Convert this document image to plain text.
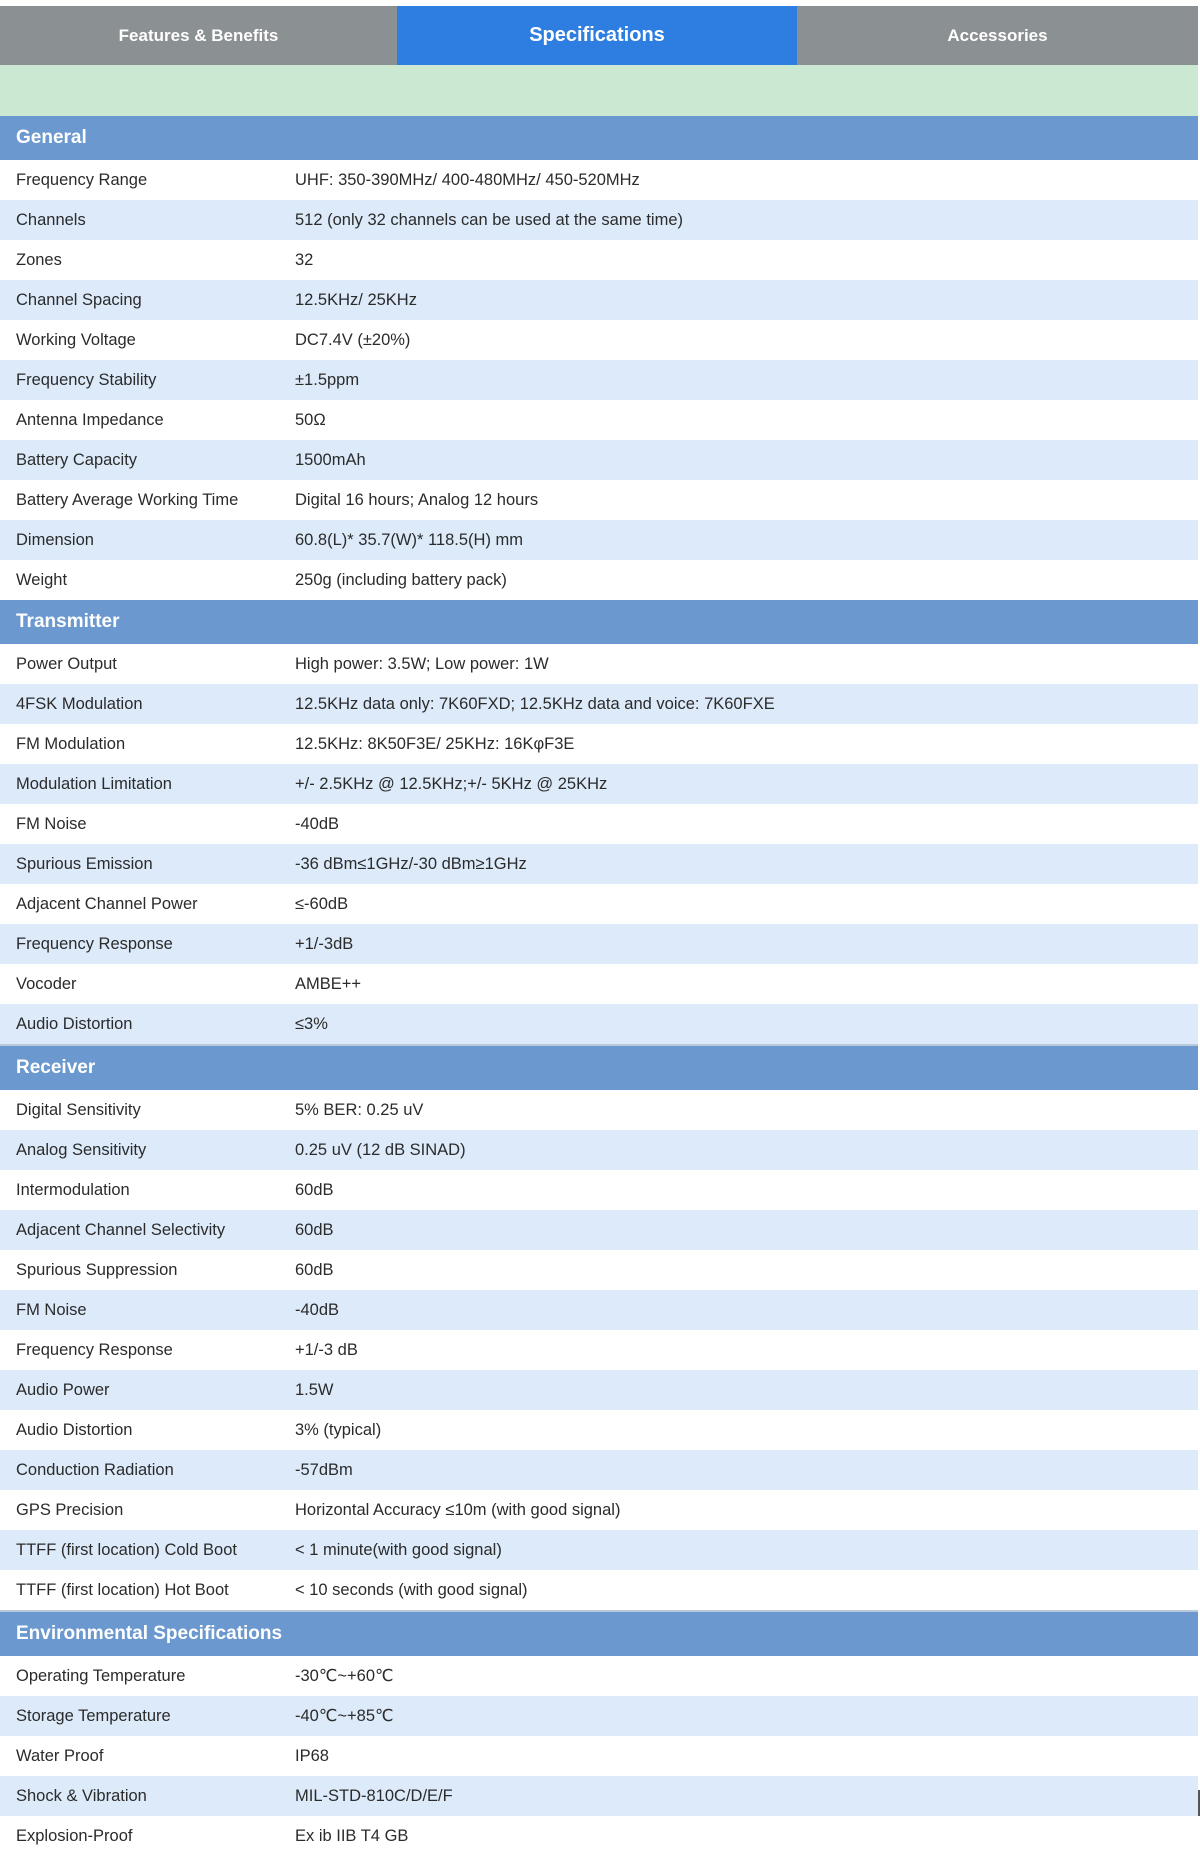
Features & Benefits	Specifications	Accessories
General
Frequency Range	UHF: 350-390MHz/ 400-480MHz/ 450-520MHz
Channels	512 (only 32 channels can be used at the same time)
Zones	32
Channel Spacing	12.5KHz/ 25KHz
Working Voltage	DC7.4V (±20%)
Frequency Stability	±1.5ppm
Antenna Impedance	50Ω
Battery Capacity	1500mAh
Battery Average Working Time	Digital 16 hours; Analog 12 hours
Dimension	60.8(L)* 35.7(W)* 118.5(H) mm
Weight	250g (including battery pack)
Transmitter
Power Output	High power: 3.5W; Low power: 1W
4FSK Modulation	12.5KHz data only: 7K60FXD; 12.5KHz data and voice: 7K60FXE
FM Modulation	12.5KHz: 8K50F3E/ 25KHz: 16KφF3E
Modulation Limitation	+/- 2.5KHz @ 12.5KHz;+/- 5KHz @ 25KHz
FM Noise	-40dB
Spurious Emission	-36 dBm≤1GHz/-30 dBm≥1GHz
Adjacent Channel Power	≤-60dB
Frequency Response	+1/-3dB
Vocoder	AMBE++
Audio Distortion	≤3%
Receiver
Digital Sensitivity	5% BER: 0.25 uV
Analog Sensitivity	0.25 uV (12 dB SINAD)
Intermodulation	60dB
Adjacent Channel Selectivity	60dB
Spurious Suppression	60dB
FM Noise	-40dB
Frequency Response	+1/-3 dB
Audio Power	1.5W
Audio Distortion	3% (typical)
Conduction Radiation	-57dBm
GPS Precision	Horizontal Accuracy ≤10m (with good signal)
TTFF (first location) Cold Boot	< 1 minute(with good signal)
TTFF (first location) Hot Boot	< 10 seconds (with good signal)
Environmental Specifications
Operating Temperature	-30℃~+60℃
Storage Temperature	-40℃~+85℃
Water Proof	IP68
Shock & Vibration	MIL-STD-810C/D/E/F
Explosion-Proof	Ex ib IIB T4 GB
